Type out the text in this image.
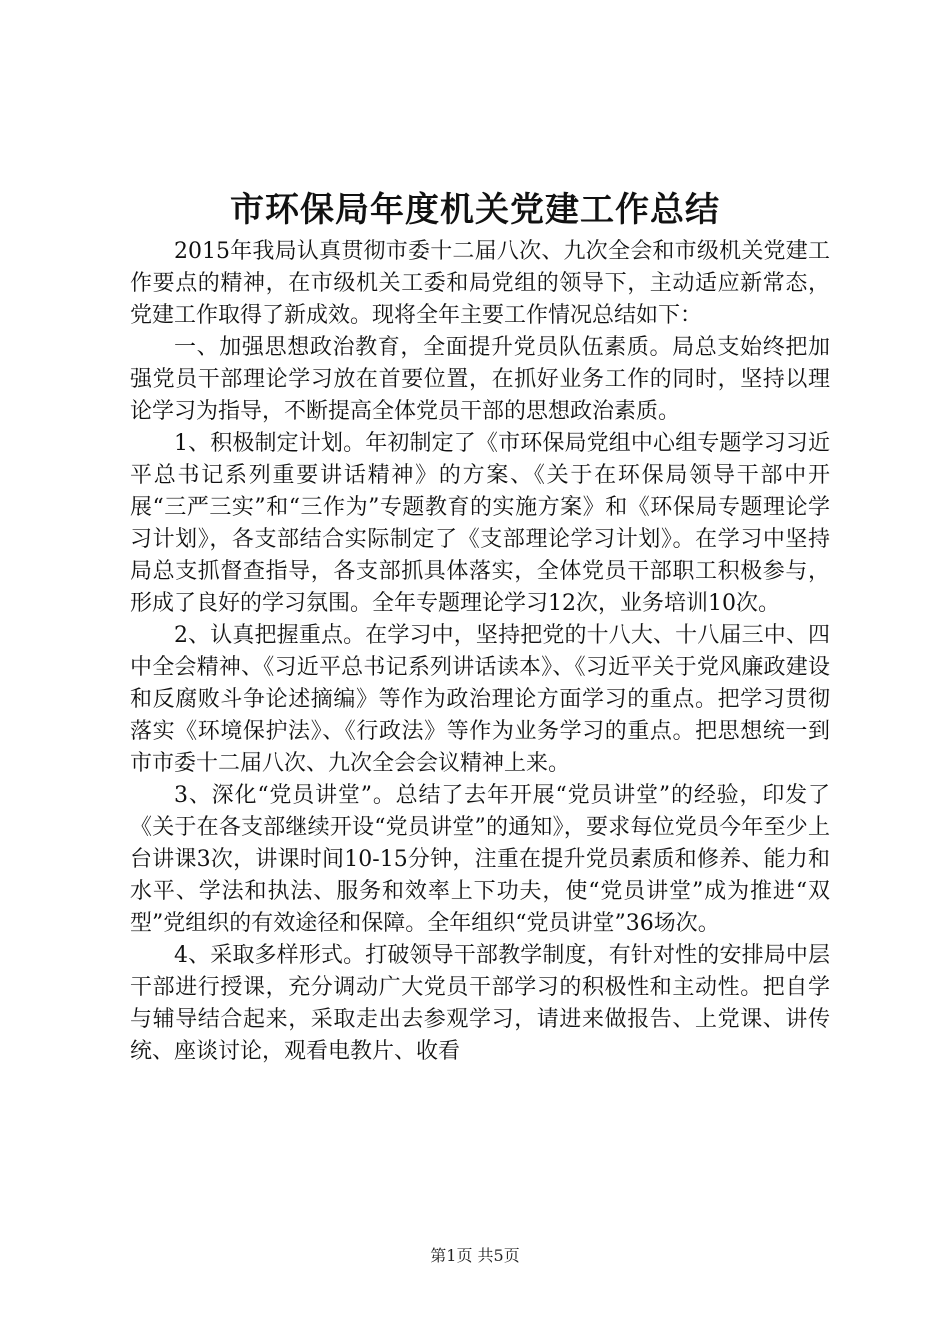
市环保局年度机关党建工作总结

2015年我局认真贯彻市委十二届八次、九次全会和市级机关党建工作要点的精神，在市级机关工委和局党组的领导下，主动适应新常态，党建工作取得了新成效。现将全年主要工作情况总结如下：

一、加强思想政治教育，全面提升党员队伍素质。局总支始终把加强党员干部理论学习放在首要位置，在抓好业务工作的同时，坚持以理论学习为指导，不断提高全体党员干部的思想政治素质。

1、积极制定计划。年初制定了《市环保局党组中心组专题学习习近平总书记系列重要讲话精神》的方案、《关于在环保局领导干部中开展“三严三实”和“三作为”专题教育的实施方案》和《环保局专题理论学习计划》，各支部结合实际制定了《支部理论学习计划》。在学习中坚持局总支抓督查指导，各支部抓具体落实，全体党员干部职工积极参与，形成了良好的学习氛围。全年专题理论学习12次，业务培训10次。

2、认真把握重点。在学习中，坚持把党的十八大、十八届三中、四中全会精神、《习近平总书记系列讲话读本》、《习近平关于党风廉政建设和反腐败斗争论述摘编》等作为政治理论方面学习的重点。把学习贯彻落实《环境保护法》、《行政法》等作为业务学习的重点。把思想统一到市市委十二届八次、九次全会会议精神上来。

3、深化“党员讲堂”。总结了去年开展“党员讲堂”的经验，印发了《关于在各支部继续开设“党员讲堂”的通知》，要求每位党员今年至少上台讲课3次，讲课时间10-15分钟，注重在提升党员素质和修养、能力和水平、学法和执法、服务和效率上下功夫，使“党员讲堂”成为推进“双型”党组织的有效途径和保障。全年组织“党员讲堂”36场次。

4、采取多样形式。打破领导干部教学制度，有针对性的安排局中层干部进行授课，充分调动广大党员干部学习的积极性和主动性。把自学与辅导结合起来，采取走出去参观学习，请进来做报告、上党课、讲传统、座谈讨论，观看电教片、收看

第1页 共5页
